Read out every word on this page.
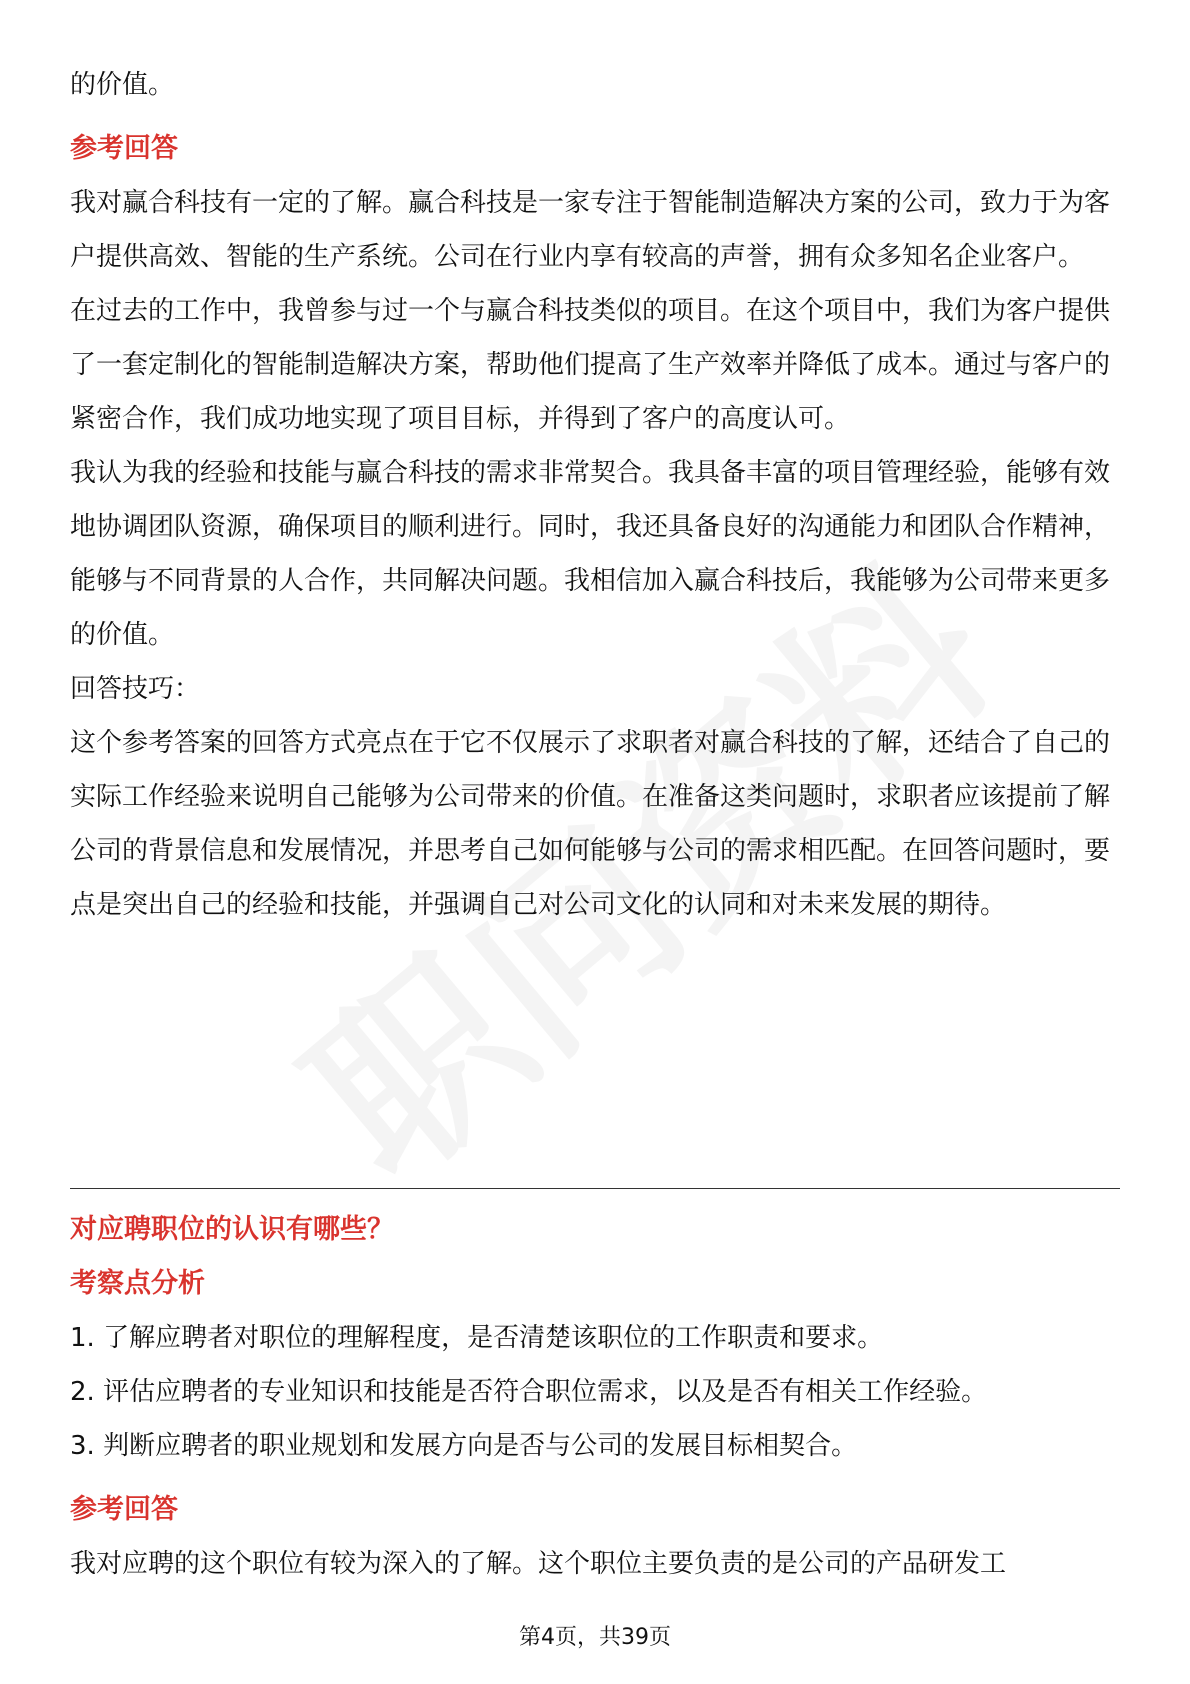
的价值。

参考回答

我对赢合科技有一定的了解。赢合科技是一家专注于智能制造解决方案的公司，致力于为客户提供高效、智能的生产系统。公司在行业内享有较高的声誉，拥有众多知名企业客户。

在过去的工作中，我曾参与过一个与赢合科技类似的项目。在这个项目中，我们为客户提供了一套定制化的智能制造解决方案，帮助他们提高了生产效率并降低了成本。通过与客户的紧密合作，我们成功地实现了项目目标，并得到了客户的高度认可。

我认为我的经验和技能与赢合科技的需求非常契合。我具备丰富的项目管理经验，能够有效地协调团队资源，确保项目的顺利进行。同时，我还具备良好的沟通能力和团队合作精神，能够与不同背景的人合作，共同解决问题。我相信加入赢合科技后，我能够为公司带来更多的价值。

回答技巧：

这个参考答案的回答方式亮点在于它不仅展示了求职者对赢合科技的了解，还结合了自己的实际工作经验来说明自己能够为公司带来的价值。在准备这类问题时，求职者应该提前了解公司的背景信息和发展情况，并思考自己如何能够与公司的需求相匹配。在回答问题时，要点是突出自己的经验和技能，并强调自己对公司文化的认同和对未来发展的期待。

对应聘职位的认识有哪些？

考察点分析

1. 了解应聘者对职位的理解程度，是否清楚该职位的工作职责和要求。

2. 评估应聘者的专业知识和技能是否符合职位需求，以及是否有相关工作经验。

3. 判断应聘者的职业规划和发展方向是否与公司的发展目标相契合。

参考回答

我对应聘的这个职位有较为深入的了解。这个职位主要负责的是公司的产品研发工

第4页，共39页
